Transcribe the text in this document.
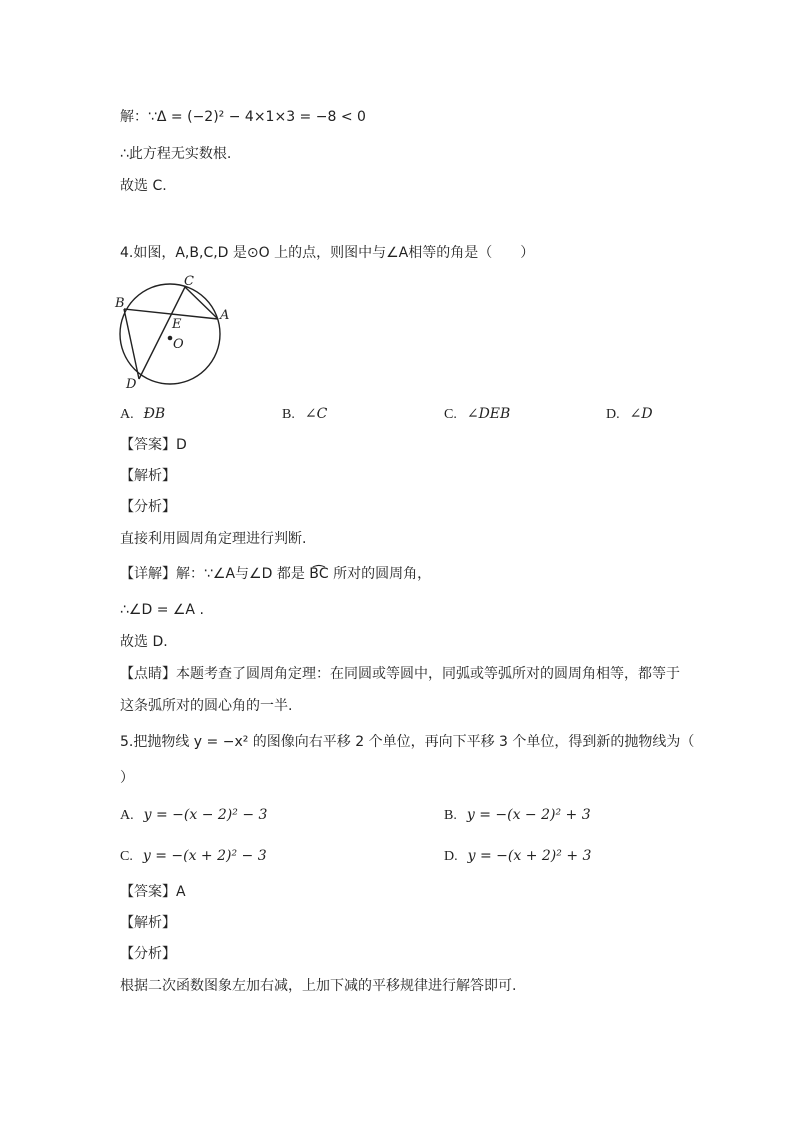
解：∵Δ = (−2)² − 4×1×3 = −8 < 0
∴此方程无实数根.
故选 C.
4.如图，A,B,C,D 是⊙O 上的点，则图中与∠A相等的角是（　　）
C
B
A
E
O
D
A. ÐB	B. ∠C	C. ∠DEB	D. ∠D
【答案】D
【解析】
【分析】
直接利用圆周角定理进行判断.
【详解】解：∵∠A与∠D 都是 B͡C 所对的圆周角，
∴∠D = ∠A .
故选 D.
【点睛】本题考查了圆周角定理：在同圆或等圆中，同弧或等弧所对的圆周角相等，都等于
这条弧所对的圆心角的一半.
5.把抛物线 y = −x² 的图像向右平移 2 个单位，再向下平移 3 个单位，得到新的抛物线为（
）
A. y = −(x − 2)² − 3	B. y = −(x − 2)² + 3
C. y = −(x + 2)² − 3	D. y = −(x + 2)² + 3
【答案】A
【解析】
【分析】
根据二次函数图象左加右减，上加下减的平移规律进行解答即可.
